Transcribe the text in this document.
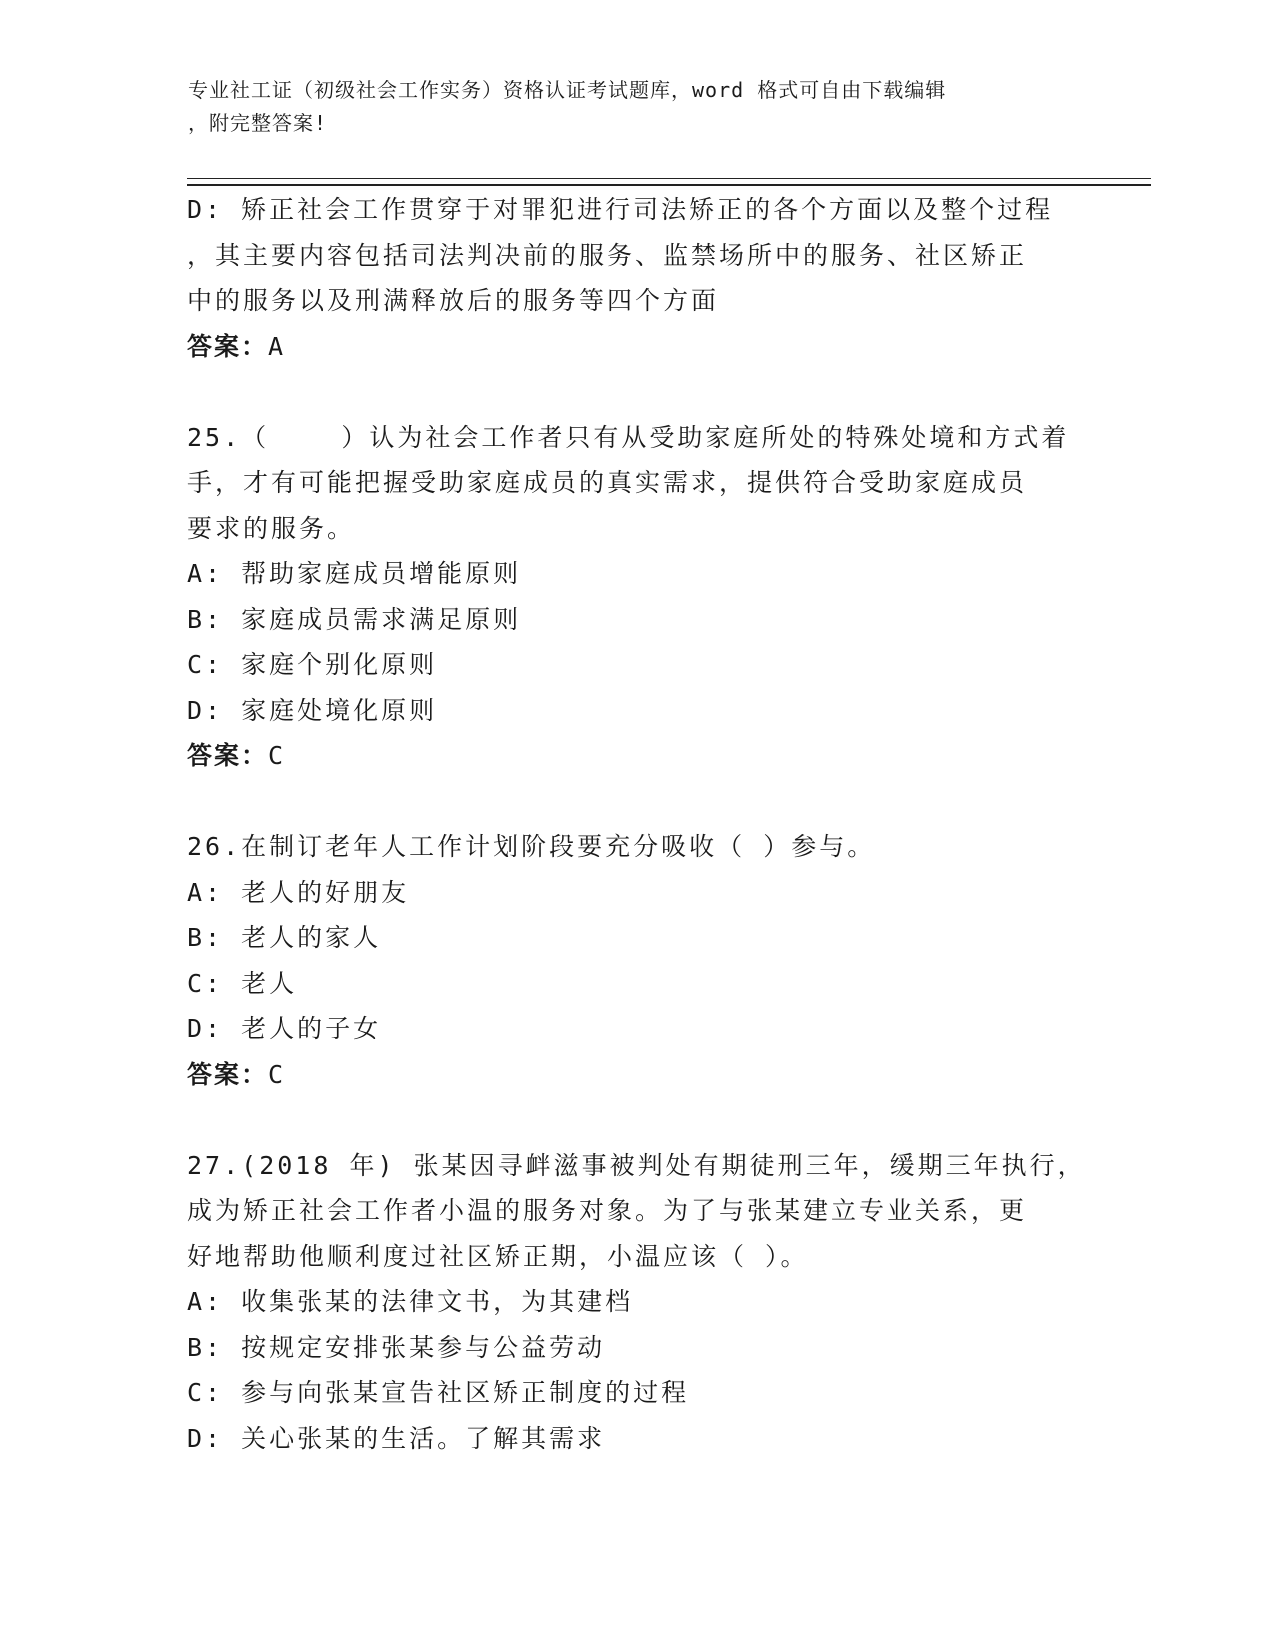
专业社工证（初级社会工作实务）资格认证考试题库，word 格式可自由下载编辑
，附完整答案!
D: 矫正社会工作贯穿于对罪犯进行司法矫正的各个方面以及整个过程
，其主要内容包括司法判决前的服务、监禁场所中的服务、社区矫正
中的服务以及刑满释放后的服务等四个方面
答案：A
25.（    ）认为社会工作者只有从受助家庭所处的特殊处境和方式着
手，才有可能把握受助家庭成员的真实需求，提供符合受助家庭成员
要求的服务。
A: 帮助家庭成员增能原则
B: 家庭成员需求满足原则
C: 家庭个别化原则
D: 家庭处境化原则
答案：C
26.在制订老年人工作计划阶段要充分吸收（ ）参与。
A: 老人的好朋友
B: 老人的家人
C: 老人
D: 老人的子女
答案：C
27.(2018 年) 张某因寻衅滋事被判处有期徒刑三年，缓期三年执行，
成为矫正社会工作者小温的服务对象。为了与张某建立专业关系，更
好地帮助他顺利度过社区矫正期，小温应该（ ）。
A: 收集张某的法律文书，为其建档
B: 按规定安排张某参与公益劳动
C: 参与向张某宣告社区矫正制度的过程
D: 关心张某的生活。了解其需求
